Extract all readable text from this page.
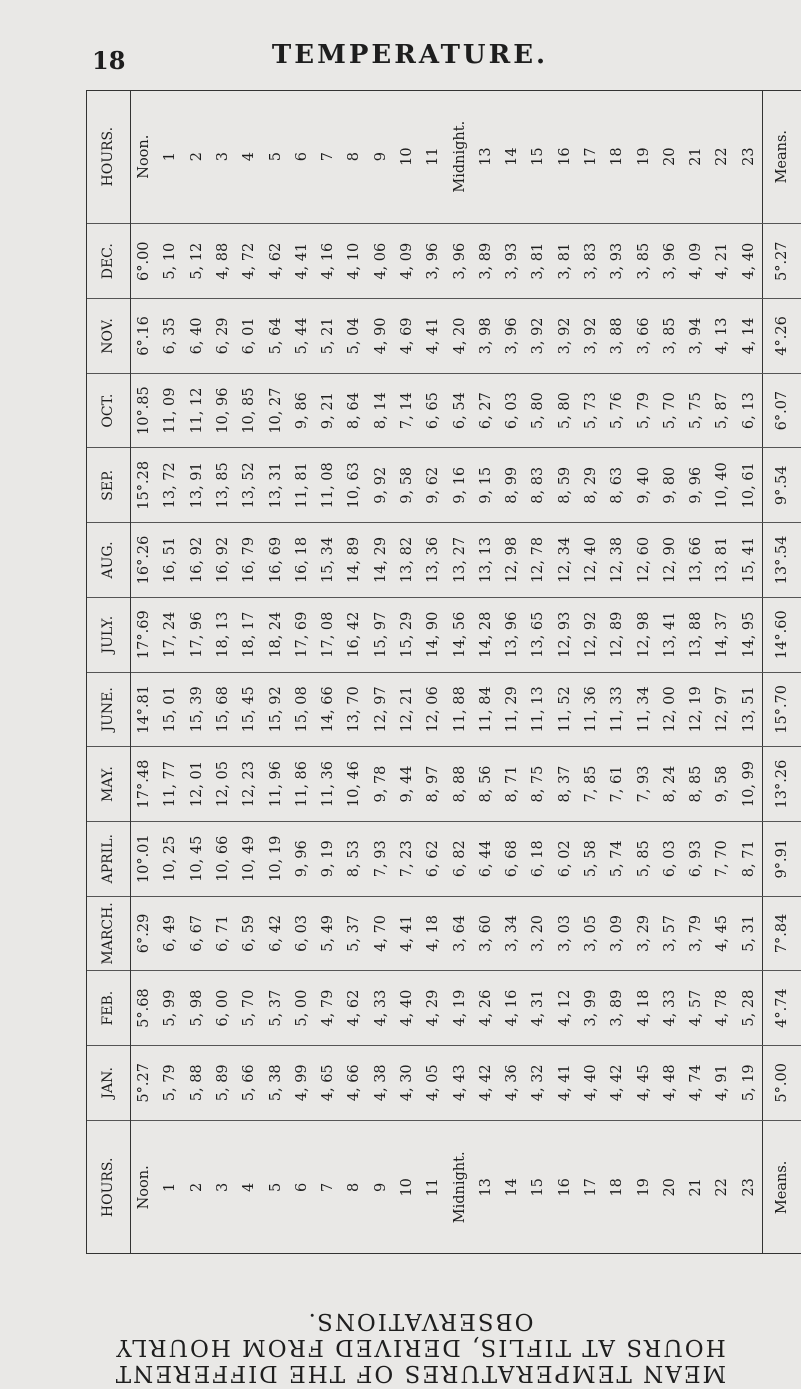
18	TEMPERATURE.
HOURS.	JAN.	FEB.	MARCH.	APRIL.	MAY.	JUNE.	JULY.	AUG.	SEP.	OCT.	NOV.	DEC.	HOURS.
Noon.	5°.27	5°.68	6°.29	10°.01	17°.48	14°.81	17°.69	16°.26	15°.28	10°.85	6°.16	6°.00	Noon.
1	5, 79	5, 99	6, 49	10, 25	11, 77	15, 01	17, 24	16, 51	13, 72	11, 09	6, 35	5, 10	1
2	5, 88	5, 98	6, 67	10, 45	12, 01	15, 39	17, 96	16, 92	13, 91	11, 12	6, 40	5, 12	2
3	5, 89	6, 00	6, 71	10, 66	12, 05	15, 68	18, 13	16, 92	13, 85	10, 96	6, 29	4, 88	3
4	5, 66	5, 70	6, 59	10, 49	12, 23	15, 45	18, 17	16, 79	13, 52	10, 85	6, 01	4, 72	4
5	5, 38	5, 37	6, 42	10, 19	11, 96	15, 92	18, 24	16, 69	13, 31	10, 27	5, 64	4, 62	5
6	4, 99	5, 00	6, 03	9, 96	11, 86	15, 08	17, 69	16, 18	11, 81	9, 86	5, 44	4, 41	6
7	4, 65	4, 79	5, 49	9, 19	11, 36	14, 66	17, 08	15, 34	11, 08	9, 21	5, 21	4, 16	7
8	4, 66	4, 62	5, 37	8, 53	10, 46	13, 70	16, 42	14, 89	10, 63	8, 64	5, 04	4, 10	8
9	4, 38	4, 33	4, 70	7, 93	9, 78	12, 97	15, 97	14, 29	9, 92	8, 14	4, 90	4, 06	9
10	4, 30	4, 40	4, 41	7, 23	9, 44	12, 21	15, 29	13, 82	9, 58	7, 14	4, 69	4, 09	10
11	4, 05	4, 29	4, 18	6, 62	8, 97	12, 06	14, 90	13, 36	9, 62	6, 65	4, 41	3, 96	11
Midnight.	4, 43	4, 19	3, 64	6, 82	8, 88	11, 88	14, 56	13, 27	9, 16	6, 54	4, 20	3, 96	Midnight.
13	4, 42	4, 26	3, 60	6, 44	8, 56	11, 84	14, 28	13, 13	9, 15	6, 27	3, 98	3, 89	13
14	4, 36	4, 16	3, 34	6, 68	8, 71	11, 29	13, 96	12, 98	8, 99	6, 03	3, 96	3, 93	14
15	4, 32	4, 31	3, 20	6, 18	8, 75	11, 13	13, 65	12, 78	8, 83	5, 80	3, 92	3, 81	15
16	4, 41	4, 12	3, 03	6, 02	8, 37	11, 52	12, 93	12, 34	8, 59	5, 80	3, 92	3, 81	16
17	4, 40	3, 99	3, 05	5, 58	7, 85	11, 36	12, 92	12, 40	8, 29	5, 73	3, 92	3, 83	17
18	4, 42	3, 89	3, 09	5, 74	7, 61	11, 33	12, 89	12, 38	8, 63	5, 76	3, 88	3, 93	18
19	4, 45	4, 18	3, 29	5, 85	7, 93	11, 34	12, 98	12, 60	9, 40	5, 79	3, 66	3, 85	19
20	4, 48	4, 33	3, 57	6, 03	8, 24	12, 00	13, 41	12, 90	9, 80	5, 70	3, 85	3, 96	20
21	4, 74	4, 57	3, 79	6, 93	8, 85	12, 19	13, 88	13, 66	9, 96	5, 75	3, 94	4, 09	21
22	4, 91	4, 78	4, 45	7, 70	9, 58	12, 97	14, 37	13, 81	10, 40	5, 87	4, 13	4, 21	22
23	5, 19	5, 28	5, 31	8, 71	10, 99	13, 51	14, 95	15, 41	10, 61	6, 13	4, 14	4, 40	23
Means.	5°.00	4°.74	7°.84	9°.91	13°.26	15°.70	14°.60	13°.54	9°.54	6°.07	4°.26	5°.27	Means.
MEAN TEMPERATURES OF THE DIFFERENT HOURS AT TIFLIS, DERIVED FROM HOURLY OBSERVATIONS.
